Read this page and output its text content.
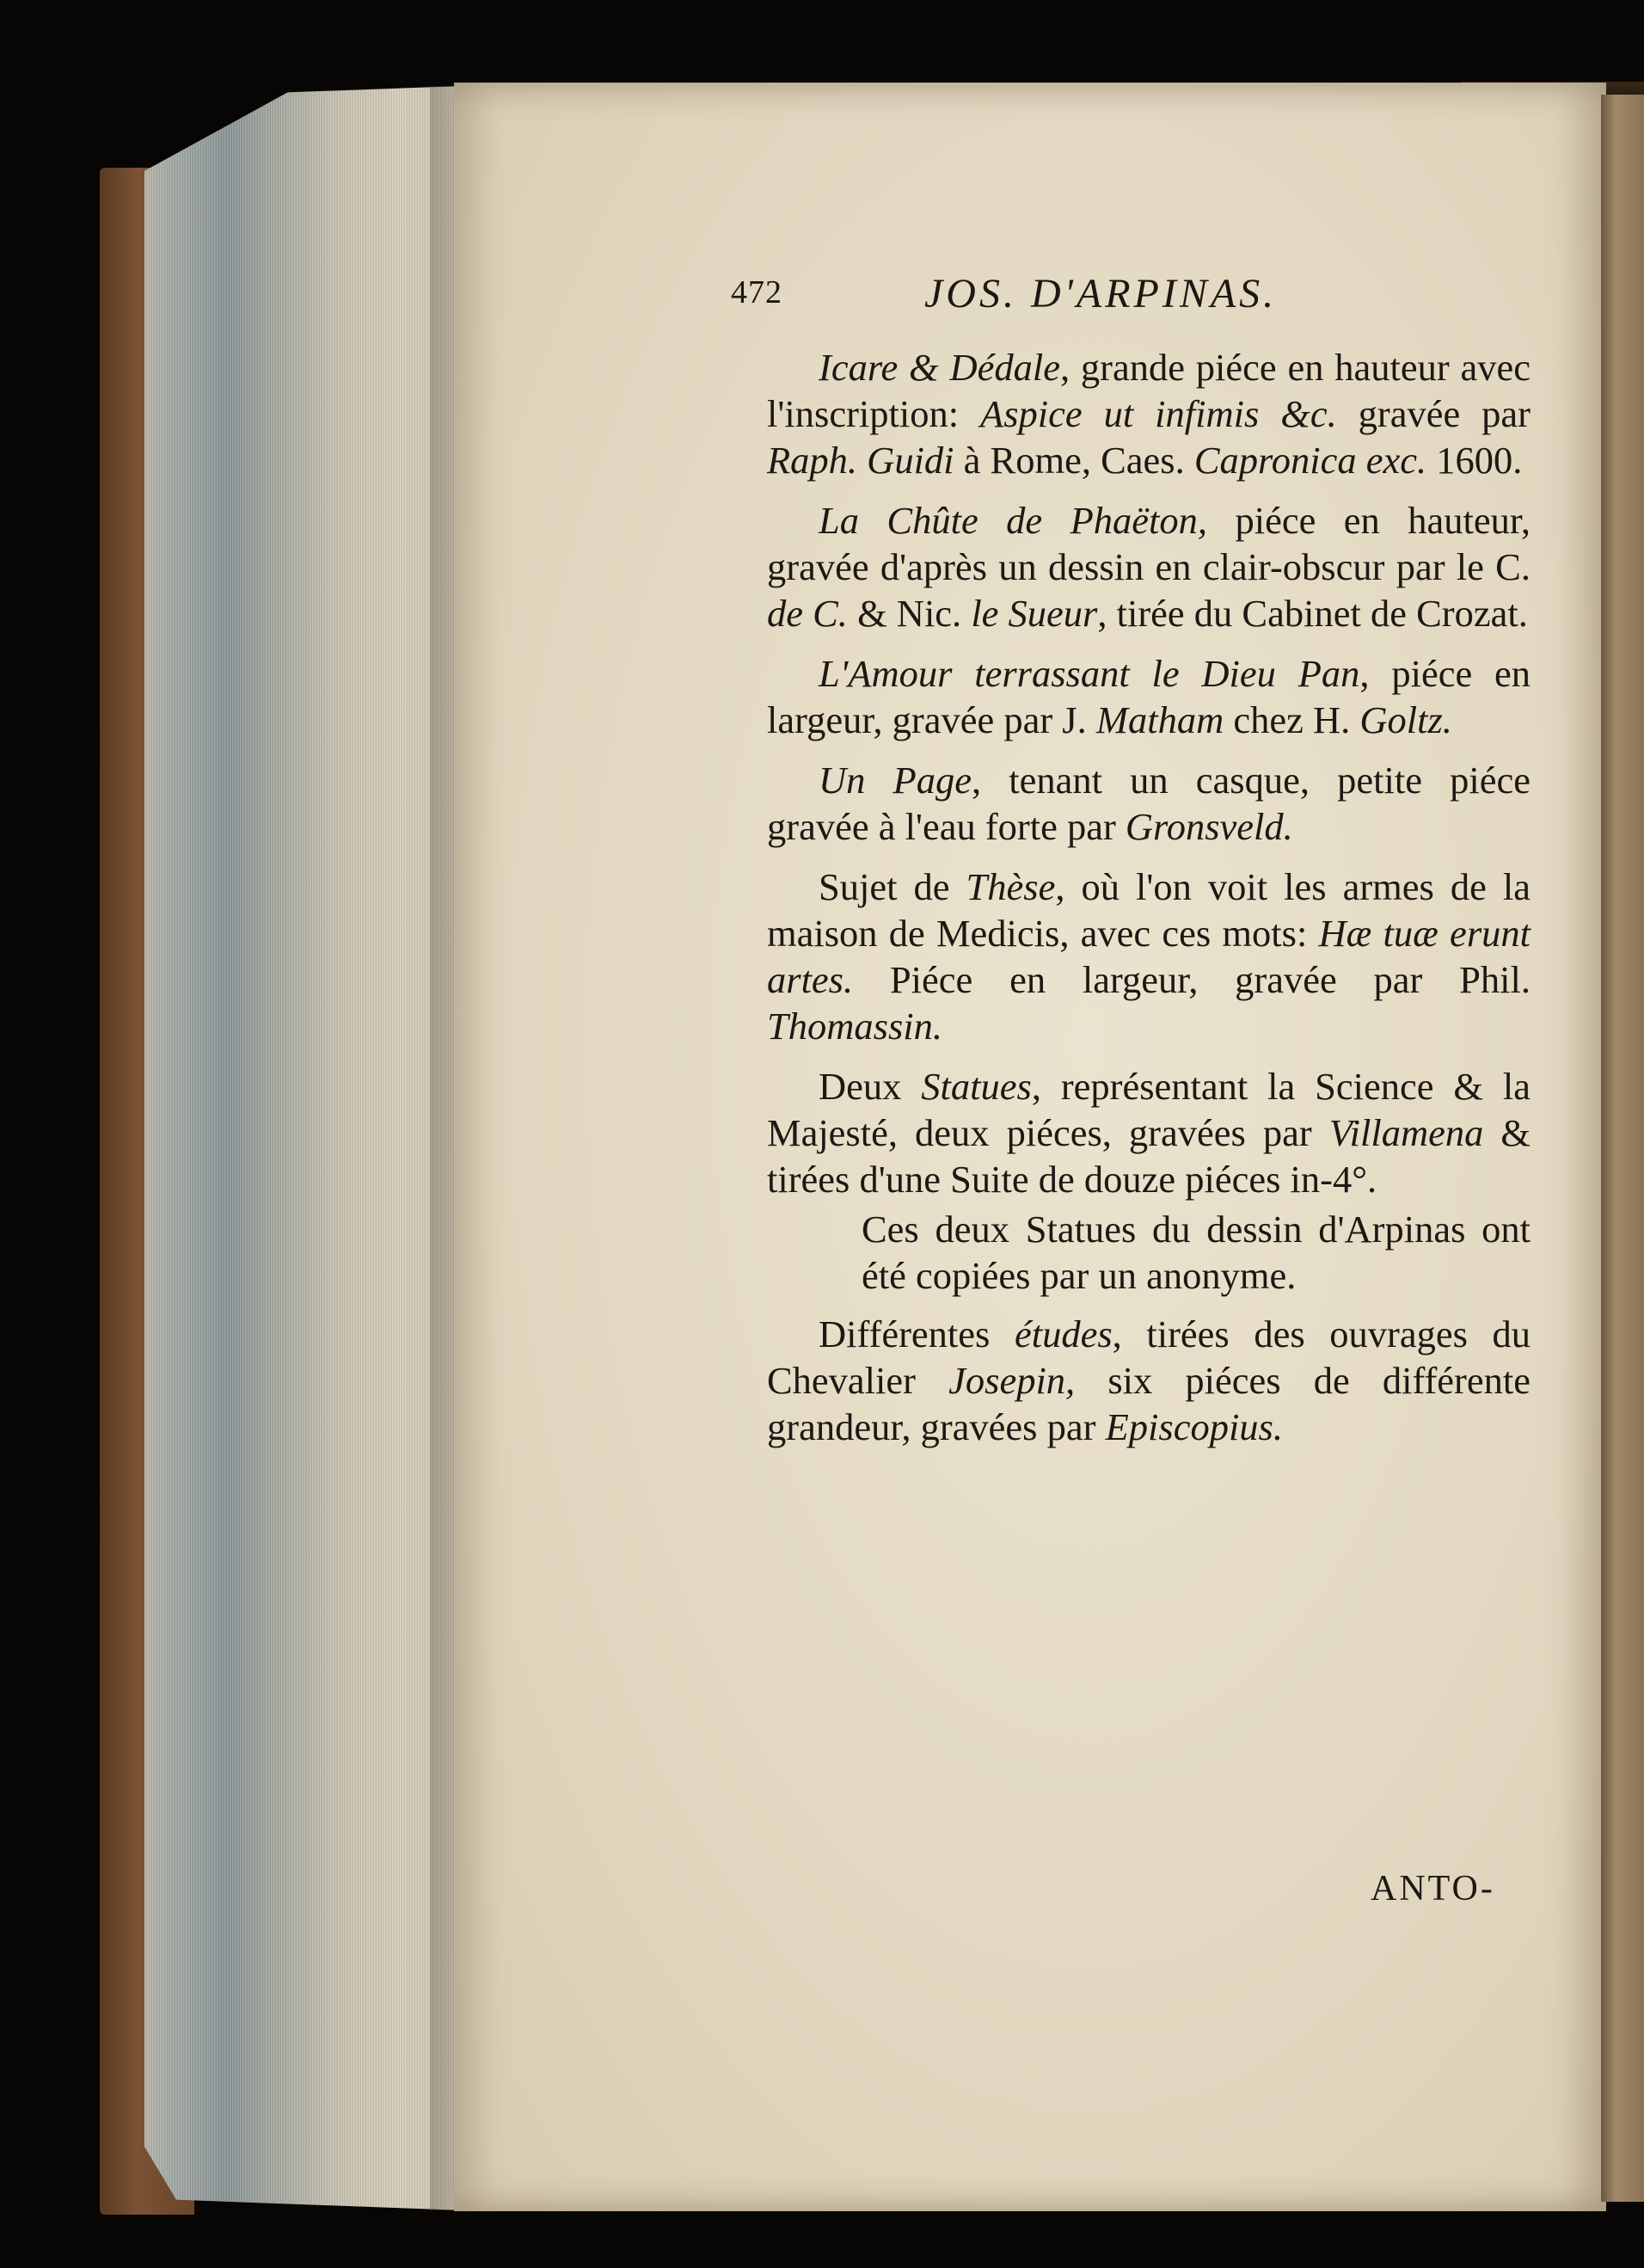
472	JOS. D'ARPINAS.

Icare & Dédale, grande piéce en hauteur avec l'inscription: Aspice ut infimis &c. gravée par Raph. Guidi à Rome, Caes. Capronica exc. 1600.

La Chûte de Phaëton, piéce en hauteur, gravée d'après un dessin en clair-obscur par le C. de C. & Nic. le Sueur, tirée du Cabinet de Crozat.

L'Amour terrassant le Dieu Pan, piéce en largeur, gravée par J. Matham chez H. Goltz.

Un Page, tenant un casque, petite piéce gravée à l'eau forte par Gronsveld.

Sujet de Thèse, où l'on voit les armes de la maison de Medicis, avec ces mots: Hæ tuæ erunt artes. Piéce en largeur, gravée par Phil. Thomassin.

Deux Statues, représentant la Science & la Majesté, deux piéces, gravées par Villamena & tirées d'une Suite de douze piéces in-4°.

Ces deux Statues du dessin d'Arpinas ont été copiées par un anonyme.

Différentes études, tirées des ouvrages du Chevalier Josepin, six piéces de différente grandeur, gravées par Episcopius.

ANTO-
